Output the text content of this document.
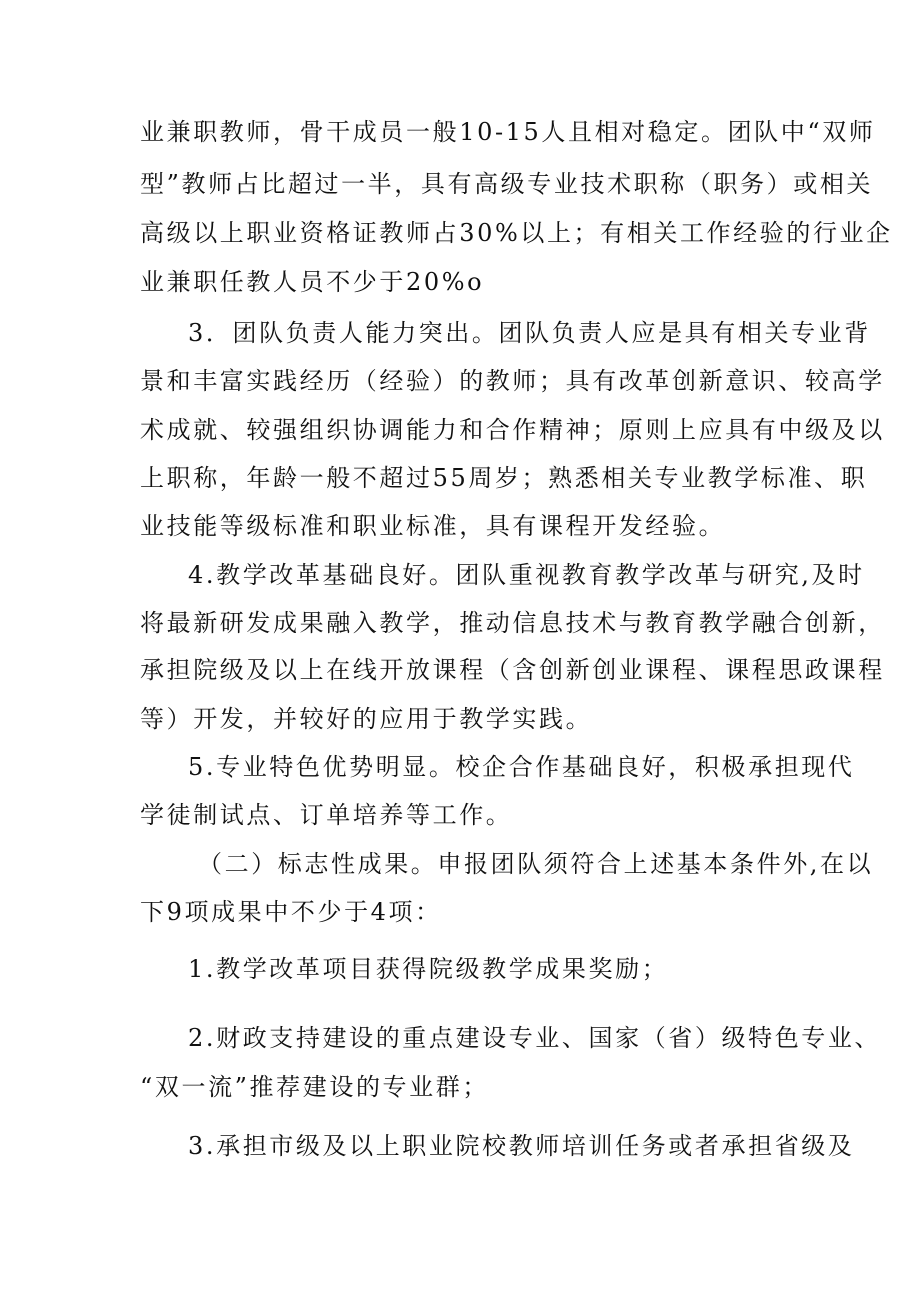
业兼职教师，骨干成员一般10-15人且相对稳定。团队中“双师
型”教师占比超过一半，具有高级专业技术职称（职务）或相关
高级以上职业资格证教师占30%以上；有相关工作经验的行业企
业兼职任教人员不少于20%o
3．团队负责人能力突出。团队负责人应是具有相关专业背
景和丰富实践经历（经验）的教师；具有改革创新意识、较高学
术成就、较强组织协调能力和合作精神；原则上应具有中级及以
上职称，年龄一般不超过55周岁；熟悉相关专业教学标准、职
业技能等级标准和职业标准，具有课程开发经验。
4.教学改革基础良好。团队重视教育教学改革与研究,及时
将最新研发成果融入教学，推动信息技术与教育教学融合创新，
承担院级及以上在线开放课程（含创新创业课程、课程思政课程
等）开发，并较好的应用于教学实践。
5.专业特色优势明显。校企合作基础良好，积极承担现代
学徒制试点、订单培养等工作。
（二）标志性成果。申报团队须符合上述基本条件外,在以
下9项成果中不少于4项：
1.教学改革项目获得院级教学成果奖励；
2.财政支持建设的重点建设专业、国家（省）级特色专业、
“双一流”推荐建设的专业群；
3.承担市级及以上职业院校教师培训任务或者承担省级及
